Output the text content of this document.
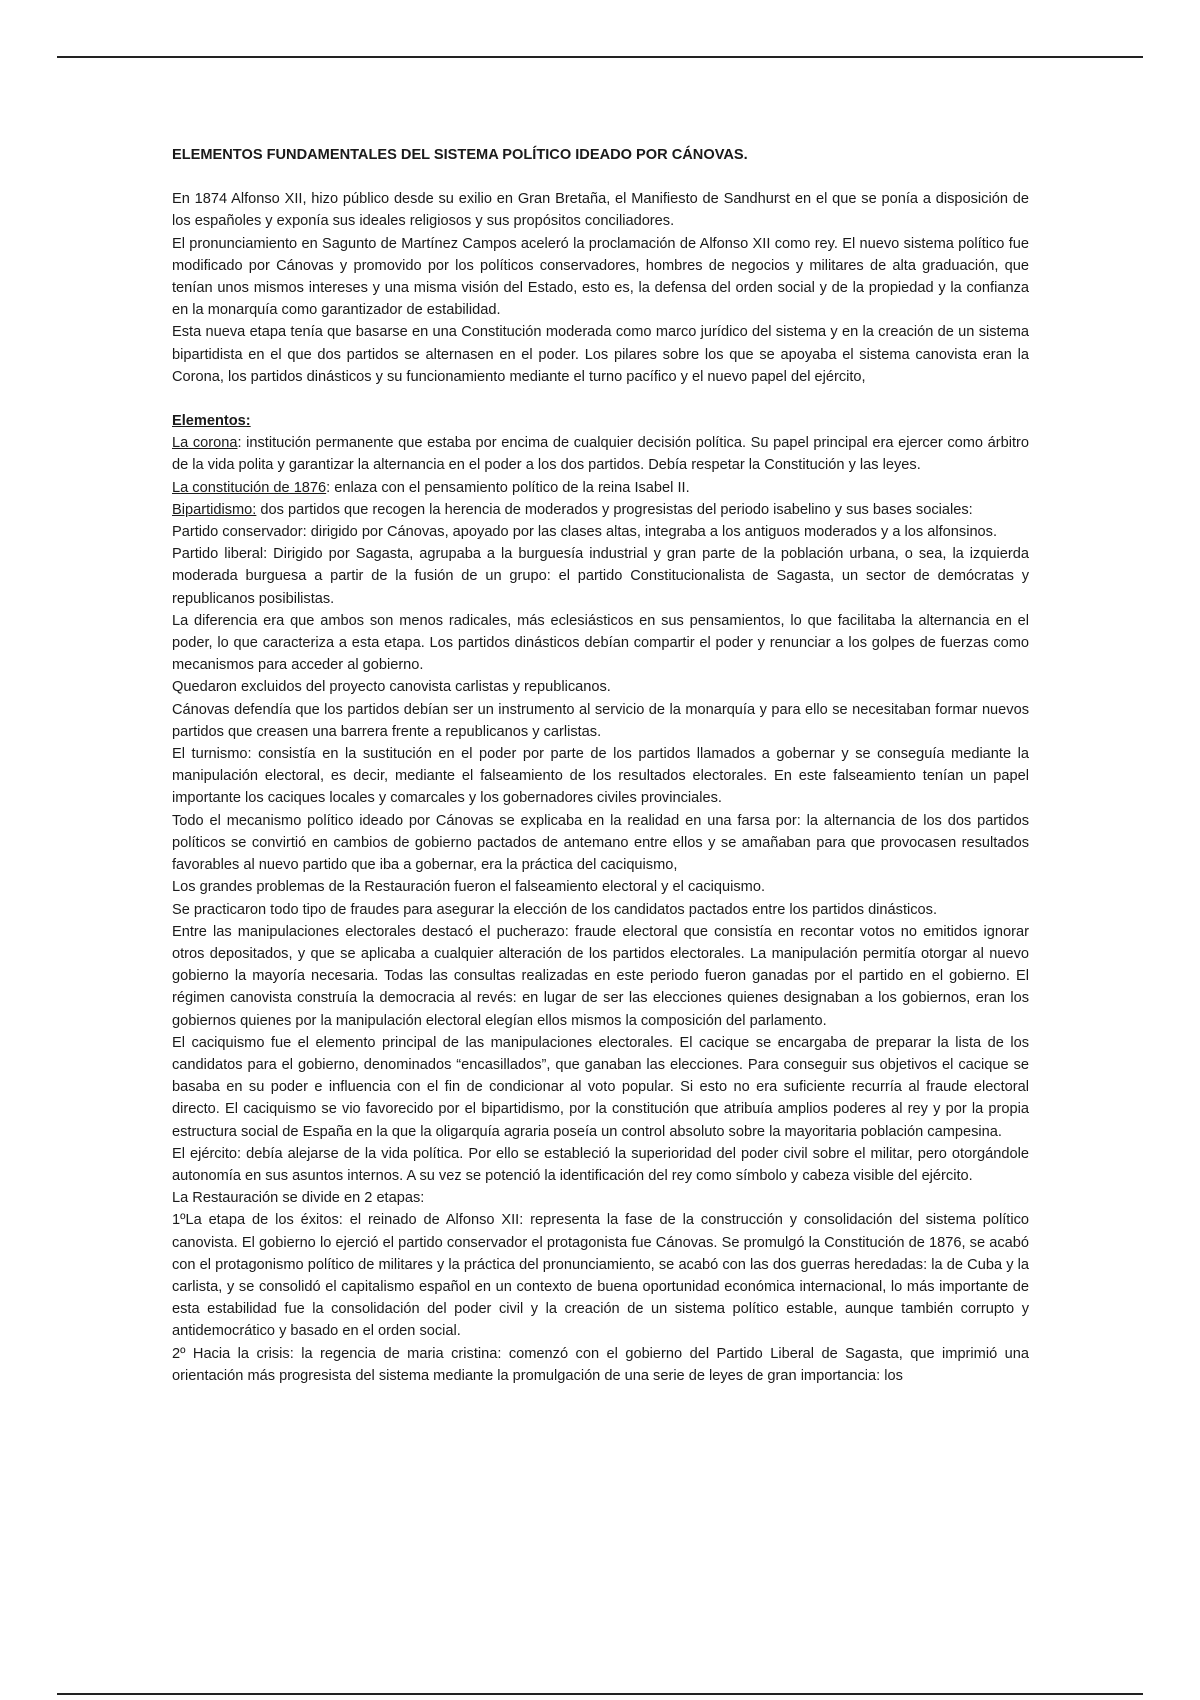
ELEMENTOS FUNDAMENTALES DEL SISTEMA POLÍTICO IDEADO POR CÁNOVAS.

En 1874 Alfonso XII, hizo público desde su exilio en Gran Bretaña, el Manifiesto de Sandhurst en el que se ponía a disposición de los españoles y exponía sus ideales religiosos y sus propósitos conciliadores.

El pronunciamiento en Sagunto de Martínez Campos aceleró la proclamación de Alfonso XII como rey. El nuevo sistema político fue modificado por Cánovas y promovido por los políticos conservadores, hombres de negocios y militares de alta graduación, que tenían unos mismos intereses y una misma visión del Estado, esto es, la defensa del orden social y de la propiedad y la confianza en la monarquía como garantizador de estabilidad.

Esta nueva etapa tenía que basarse en una Constitución moderada como marco jurídico del sistema y en la creación de un sistema bipartidista en el que dos partidos se alternasen en el poder. Los pilares sobre los que se apoyaba el sistema canovista eran la Corona, los partidos dinásticos y su funcionamiento mediante el turno pacífico y el nuevo papel del ejército,

Elementos:

La corona: institución permanente que estaba por encima de cualquier decisión política. Su papel principal era ejercer como árbitro de la vida polita y garantizar la alternancia en el poder a los dos partidos. Debía respetar la Constitución y las leyes.

La constitución de 1876: enlaza con el pensamiento político de la reina Isabel II.

Bipartidismo: dos partidos que recogen la herencia de moderados y progresistas del periodo isabelino y sus bases sociales:

Partido conservador: dirigido por Cánovas, apoyado por las clases altas, integraba a los antiguos moderados y a los alfonsinos.

Partido liberal: Dirigido por Sagasta, agrupaba a la burguesía industrial y gran parte de la población urbana, o sea, la izquierda moderada burguesa a partir de la fusión de un grupo: el partido Constitucionalista de Sagasta, un sector de demócratas y republicanos posibilistas.

La diferencia era que ambos son menos radicales, más eclesiásticos en sus pensamientos, lo que facilitaba la alternancia en el poder, lo que caracteriza a esta etapa. Los partidos dinásticos debían compartir el poder y renunciar a los golpes de fuerzas como mecanismos para acceder al gobierno.

Quedaron excluidos del proyecto canovista carlistas y republicanos.

Cánovas defendía que los partidos debían ser un instrumento al servicio de la monarquía y para ello se necesitaban formar nuevos partidos que creasen una barrera frente a republicanos y carlistas.

El turnismo: consistía en la sustitución en el poder por parte de los partidos llamados a gobernar y se conseguía mediante la manipulación electoral, es decir, mediante el falseamiento de los resultados electorales. En este falseamiento tenían un papel importante los caciques locales y comarcales y los gobernadores civiles provinciales.

Todo el mecanismo político ideado por Cánovas se explicaba en la realidad en una farsa por: la alternancia de los dos partidos políticos se convirtió en cambios de gobierno pactados de antemano entre ellos y se amañaban para que provocasen resultados favorables al nuevo partido que iba a gobernar, era la práctica del caciquismo,

Los grandes problemas de la Restauración fueron el falseamiento electoral y el caciquismo.

Se practicaron todo tipo de fraudes para asegurar la elección de los candidatos pactados entre los partidos dinásticos.

Entre las manipulaciones electorales destacó el pucherazo: fraude electoral que consistía en recontar votos no emitidos ignorar otros depositados, y que se aplicaba a cualquier alteración de los partidos electorales. La manipulación permitía otorgar al nuevo gobierno la mayoría necesaria. Todas las consultas realizadas en este periodo fueron ganadas por el partido en el gobierno. El régimen canovista construía la democracia al revés: en lugar de ser las elecciones quienes designaban a los gobiernos, eran los gobiernos quienes por la manipulación electoral elegían ellos mismos la composición del parlamento.

El caciquismo fue el elemento principal de las manipulaciones electorales. El cacique se encargaba de preparar la lista de los candidatos para el gobierno, denominados “encasillados”, que ganaban las elecciones. Para conseguir sus objetivos el cacique se basaba en su poder e influencia con el fin de condicionar al voto popular. Si esto no era suficiente recurría al fraude electoral directo. El caciquismo se vio favorecido por el bipartidismo, por la constitución que atribuía amplios poderes al rey y por la propia estructura social de España en la que la oligarquía agraria poseía un control absoluto sobre la mayoritaria población campesina.

El ejército: debía alejarse de la vida política. Por ello se estableció la superioridad del poder civil sobre el militar, pero otorgándole autonomía en sus asuntos internos. A su vez se potenció la identificación del rey como símbolo y cabeza visible del ejército.

La Restauración se divide en 2 etapas:

1ºLa etapa de los éxitos: el reinado de Alfonso XII: representa la fase de la construcción y consolidación del sistema político canovista. El gobierno lo ejerció el partido conservador el protagonista fue Cánovas. Se promulgó la Constitución de 1876, se acabó con el protagonismo político de militares y la práctica del pronunciamiento, se acabó con las dos guerras heredadas: la de Cuba y la carlista, y se consolidó el capitalismo español en un contexto de buena oportunidad económica internacional, lo más importante de esta estabilidad fue la consolidación del poder civil y la creación de un sistema político estable, aunque también corrupto y antidemocrático y basado en el orden social.

2º Hacia la crisis: la regencia de maria cristina: comenzó con el gobierno del Partido Liberal de Sagasta, que imprimió una orientación más progresista del sistema mediante la promulgación de una serie de leyes de gran importancia: los
